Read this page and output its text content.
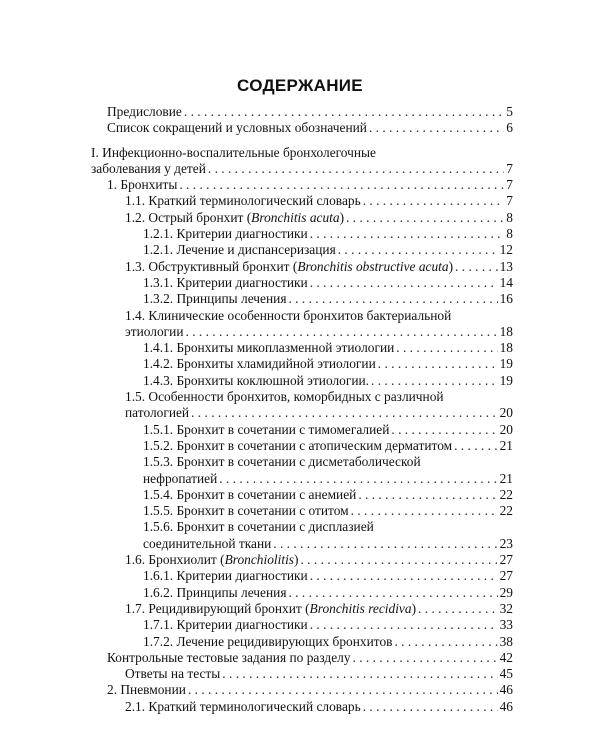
СОДЕРЖАНИЕ
Предисловие . . .	5
Список сокращений и условных обозначений . . .	6
I. Инфекционно-воспалительные бронхолегочные
заболевания у детей . . .	7
1. Бронхиты . . .	7
1.1. Краткий терминологический словарь . . .	7
1.2. Острый бронхит (Bronchitis acuta) . . .	8
1.2.1. Критерии диагностики . . .	8
1.2.1. Лечение и диспансеризация . . .	12
1.3. Обструктивный бронхит (Bronchitis obstructive acuta) . . .	13
1.3.1. Критерии диагностики . . .	14
1.3.2. Принципы лечения . . .	16
1.4. Клинические особенности бронхитов бактериальной
этиологии . . .	18
1.4.1. Бронхиты микоплазменной этиологии . . .	18
1.4.2. Бронхиты хламидийной этиологии . . .	19
1.4.3. Бронхиты коклюшной этиологии. . . .	19
1.5. Особенности бронхитов, коморбидных с различной
патологией . . .	20
1.5.1. Бронхит в сочетании с тимомегалией . . .	20
1.5.2. Бронхит в сочетании с атопическим дерматитом . . .	21
1.5.3. Бронхит в сочетании с дисметаболической
нефропатией . . .	21
1.5.4. Бронхит в сочетании с анемией . . .	22
1.5.5. Бронхит в сочетании с отитом . . .	22
1.5.6. Бронхит в сочетании с дисплазией
соединительной ткани . . .	23
1.6. Бронхиолит (Bronchiolitis) . . .	27
1.6.1. Критерии диагностики . . .	27
1.6.2. Принципы лечения . . .	29
1.7. Рецидивирующий бронхит (Bronchitis recidiva) . . .	32
1.7.1. Критерии диагностики . . .	33
1.7.2. Лечение рецидивирующих бронхитов . . .	38
Контрольные тестовые задания по разделу . . .	42
Ответы на тесты . . .	45
2. Пневмонии . . .	46
2.1. Краткий терминологический словарь . . .	46
